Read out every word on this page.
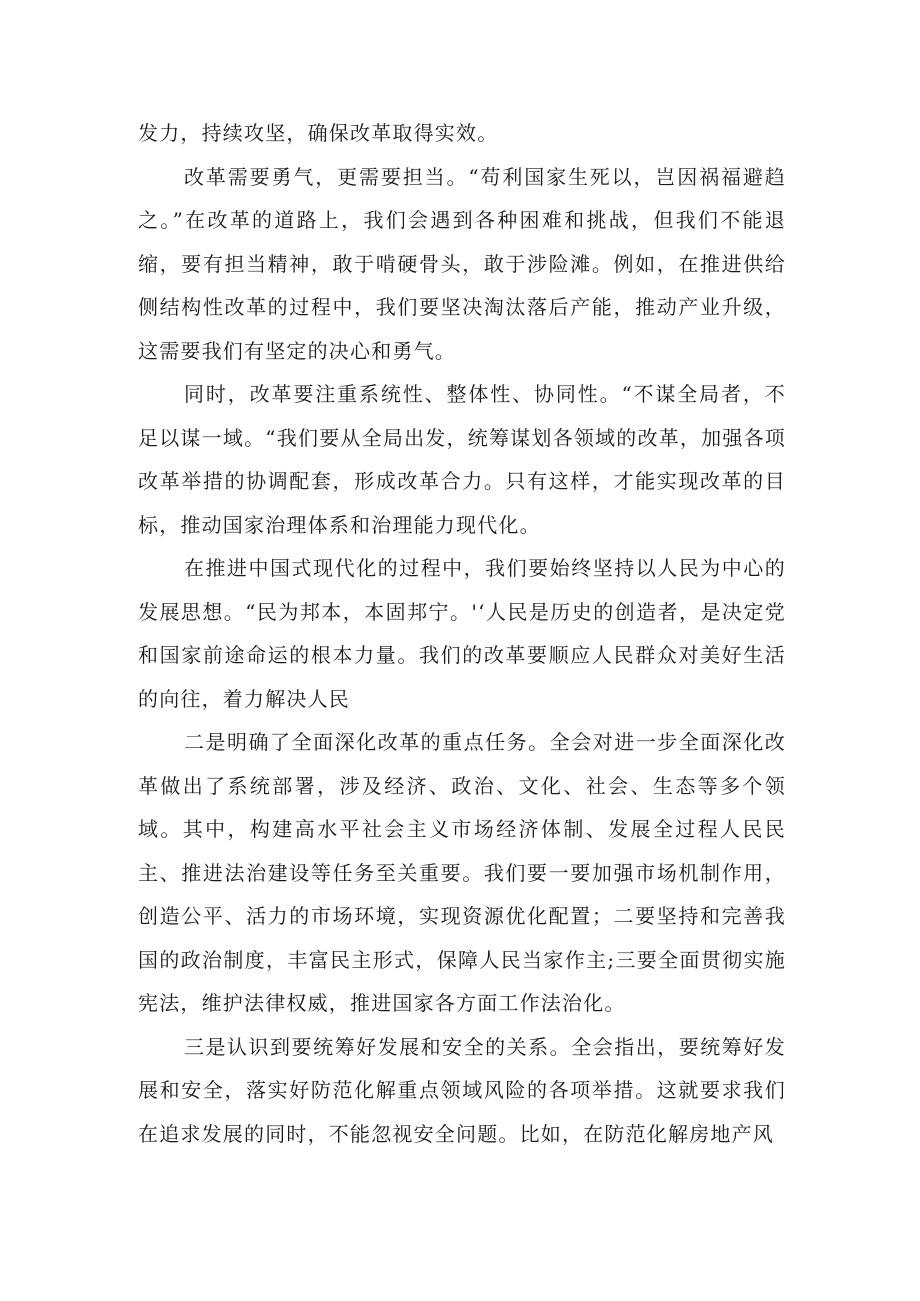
发力，持续攻坚，确保改革取得实效。

改革需要勇气，更需要担当。“苟利国家生死以，岂因祸福避趋之。”在改革的道路上，我们会遇到各种困难和挑战，但我们不能退缩，要有担当精神，敢于啃硬骨头，敢于涉险滩。例如，在推进供给侧结构性改革的过程中，我们要坚决淘汰落后产能，推动产业升级，这需要我们有坚定的决心和勇气。

同时，改革要注重系统性、整体性、协同性。“不谋全局者，不足以谋一域。“我们要从全局出发，统筹谋划各领域的改革，加强各项改革举措的协调配套，形成改革合力。只有这样，才能实现改革的目标，推动国家治理体系和治理能力现代化。

在推进中国式现代化的过程中，我们要始终坚持以人民为中心的发展思想。“民为邦本，本固邦宁。'‘人民是历史的创造者，是决定党和国家前途命运的根本力量。我们的改革要顺应人民群众对美好生活的向往，着力解决人民

二是明确了全面深化改革的重点任务。全会对进一步全面深化改革做出了系统部署，涉及经济、政治、文化、社会、生态等多个领域。其中，构建高水平社会主义市场经济体制、发展全过程人民民主、推进法治建设等任务至关重要。我们要一要加强市场机制作用，创造公平、活力的市场环境，实现资源优化配置；二要坚持和完善我国的政治制度，丰富民主形式，保障人民当家作主;三要全面贯彻实施宪法，维护法律权威，推进国家各方面工作法治化。

三是认识到要统筹好发展和安全的关系。全会指出，要统筹好发展和安全，落实好防范化解重点领域风险的各项举措。这就要求我们在追求发展的同时，不能忽视安全问题。比如，在防范化解房地产风
